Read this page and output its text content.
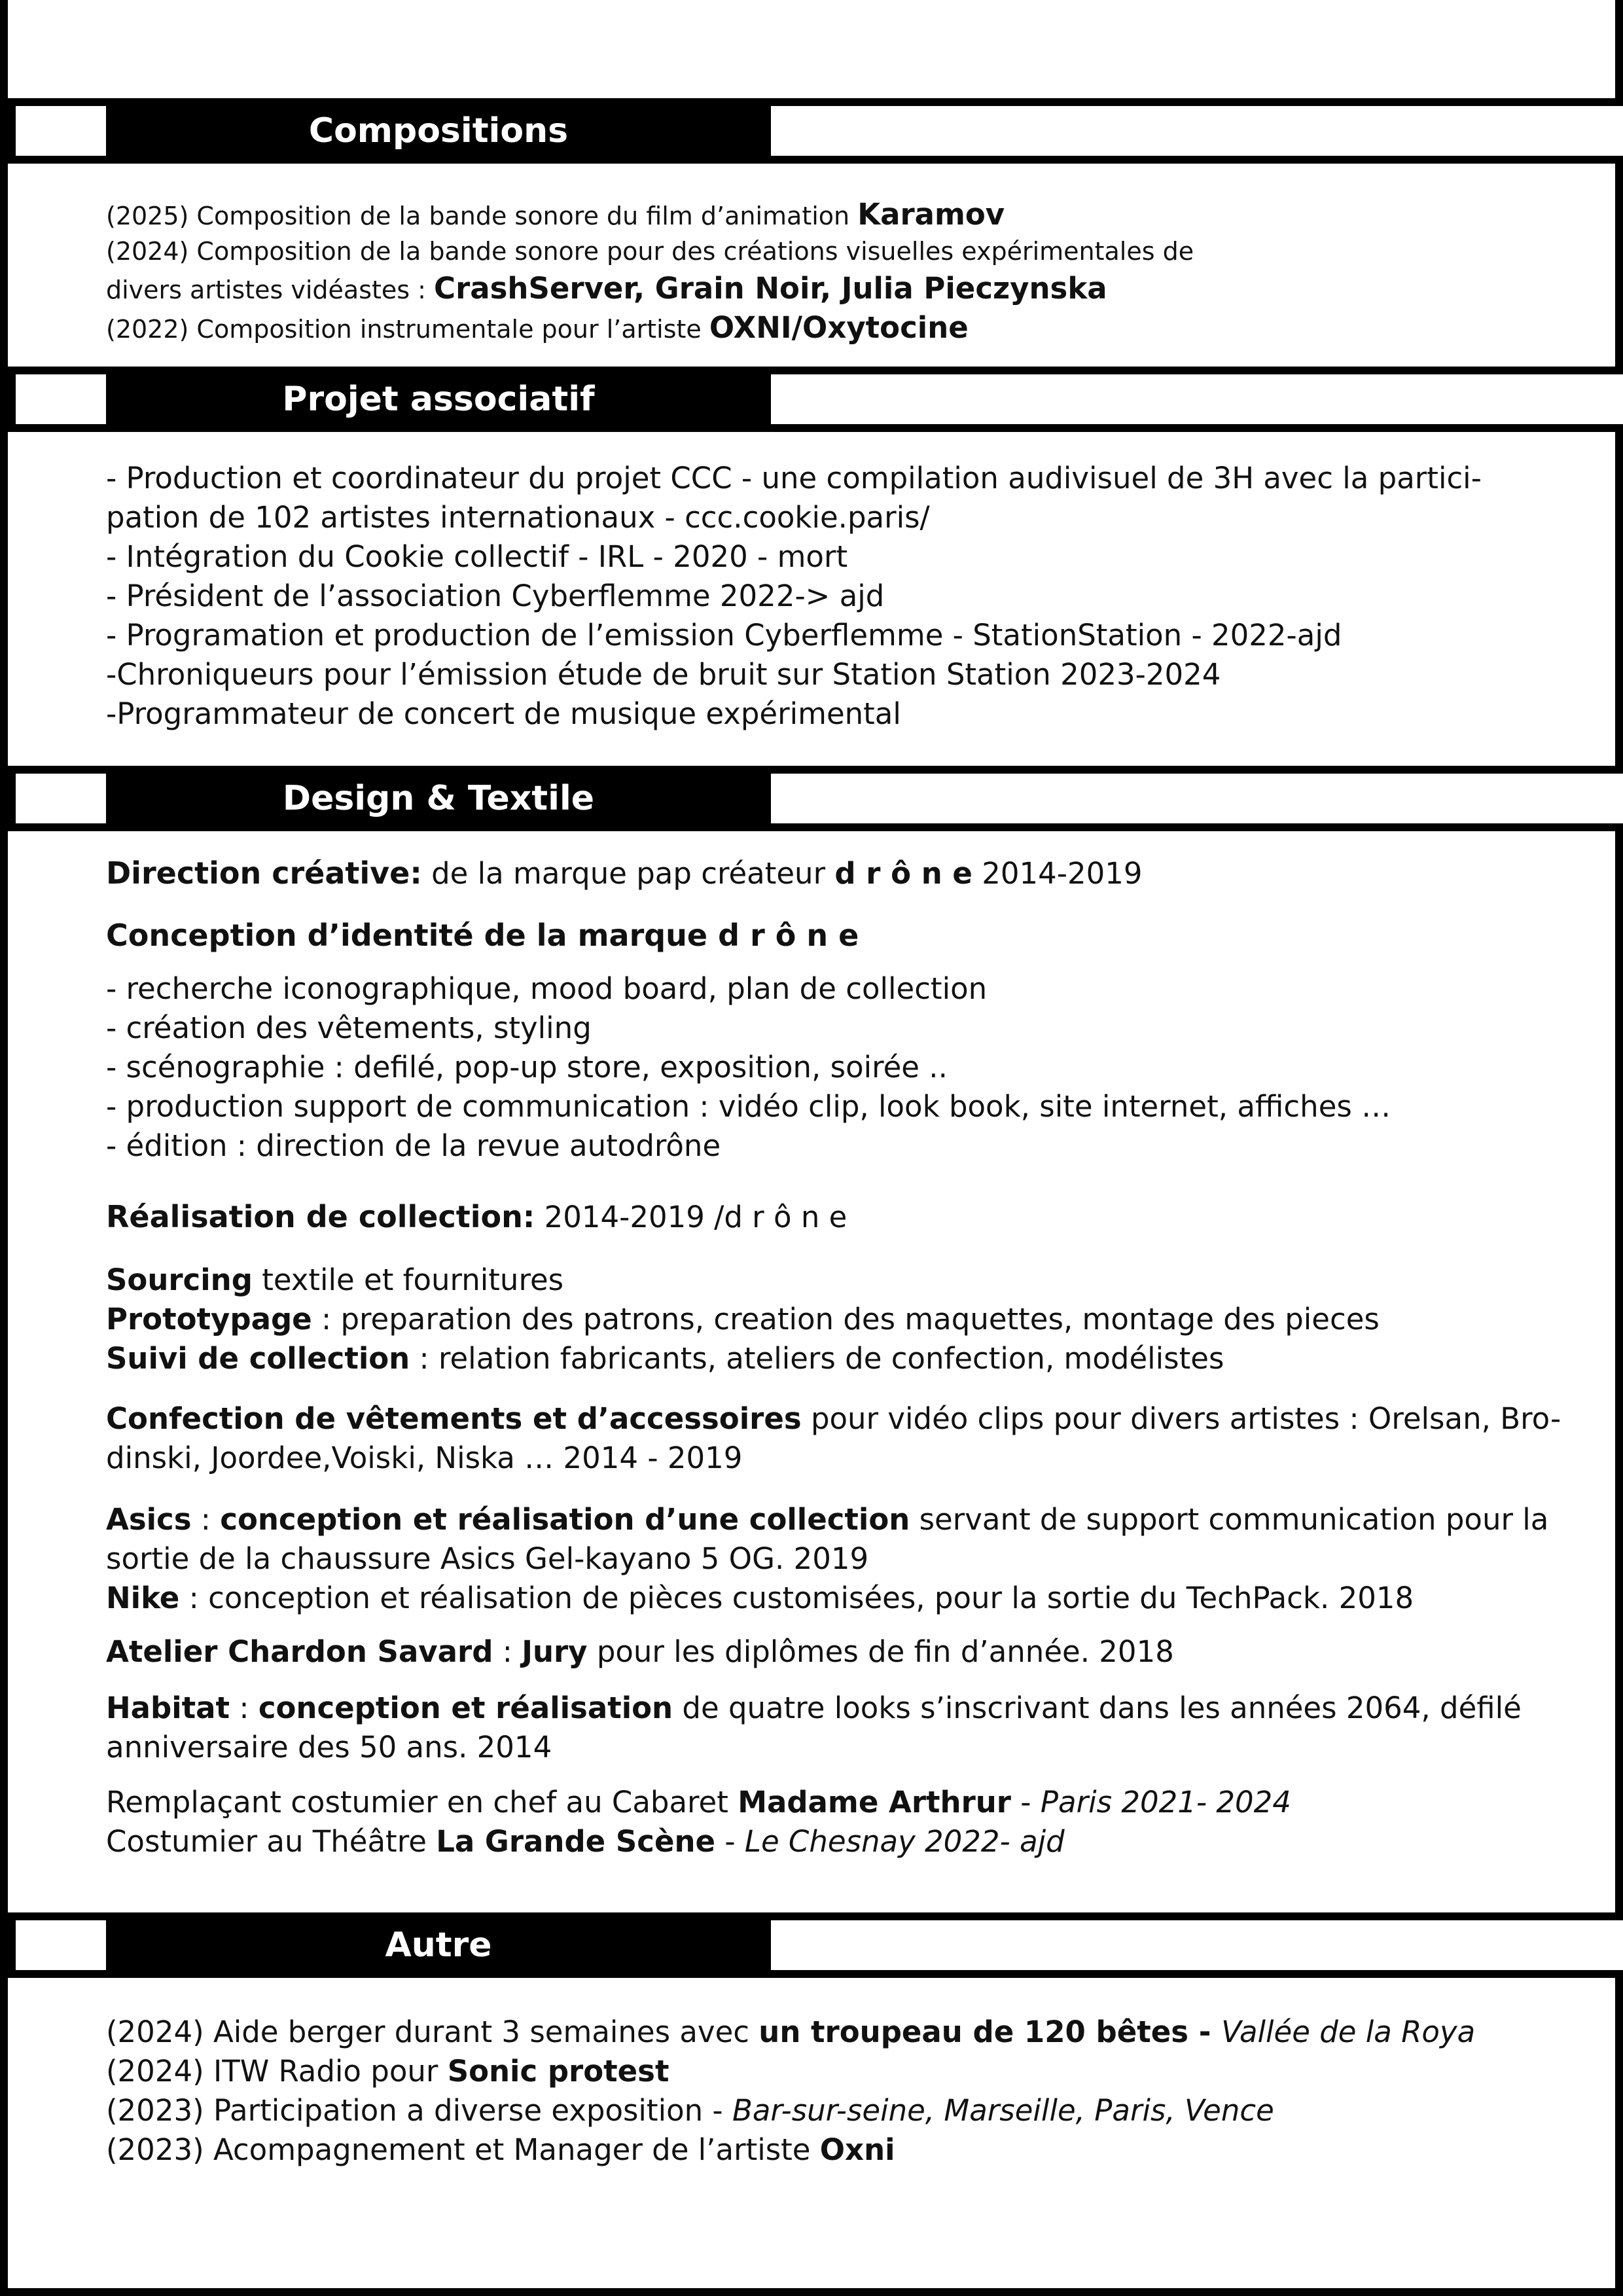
Compositions
(2025) Composition de la bande sonore du film d’animation Karamov
(2024) Composition de la bande sonore pour des créations visuelles expérimentales de
divers artistes vidéastes : CrashServer, Grain Noir, Julia Pieczynska
(2022) Composition instrumentale pour l’artiste OXNI/Oxytocine
Projet associatif
- Production et coordinateur du projet CCC - une compilation audivisuel de 3H avec la partici-
pation de 102 artistes internationaux - ccc.cookie.paris/
- Intégration du Cookie collectif - IRL - 2020 - mort
- Président de l’association Cyberflemme 2022-> ajd
- Programation et production de l’emission Cyberflemme - StationStation - 2022-ajd
-Chroniqueurs pour l’émission étude de bruit sur Station Station 2023-2024
-Programmateur de concert de musique expérimental
Design & Textile
Direction créative: de la marque pap créateur d r ô n e 2014-2019
Conception d’identité de la marque d r ô n e
- recherche iconographique, mood board, plan de collection
- création des vêtements, styling
- scénographie : defilé, pop-up store, exposition, soirée ..
- production support de communication : vidéo clip, look book, site internet, affiches …
- édition : direction de la revue autodrône
Réalisation de collection: 2014-2019 /d r ô n e
Sourcing textile et fournitures
Prototypage : preparation des patrons, creation des maquettes, montage des pieces
Suivi de collection : relation fabricants, ateliers de confection, modélistes
Confection de vêtements et d’accessoires pour vidéo clips pour divers artistes : Orelsan, Bro-
dinski, Joordee,Voiski, Niska … 2014 - 2019
Asics : conception et réalisation d’une collection servant de support communication pour la
sortie de la chaussure Asics Gel-kayano 5 OG. 2019
Nike : conception et réalisation de pièces customisées, pour la sortie du TechPack. 2018
Atelier Chardon Savard : Jury pour les diplômes de fin d’année. 2018
Habitat : conception et réalisation de quatre looks s’inscrivant dans les années 2064, défilé
anniversaire des 50 ans. 2014
Remplaçant costumier en chef au Cabaret Madame Arthrur - Paris 2021- 2024
Costumier au Théâtre La Grande Scène - Le Chesnay 2022- ajd
Autre
(2024) Aide berger durant 3 semaines avec un troupeau de 120 bêtes - Vallée de la Roya
(2024) ITW Radio pour Sonic protest
(2023) Participation a diverse exposition - Bar-sur-seine, Marseille, Paris, Vence
(2023) Acompagnement et Manager de l’artiste Oxni
